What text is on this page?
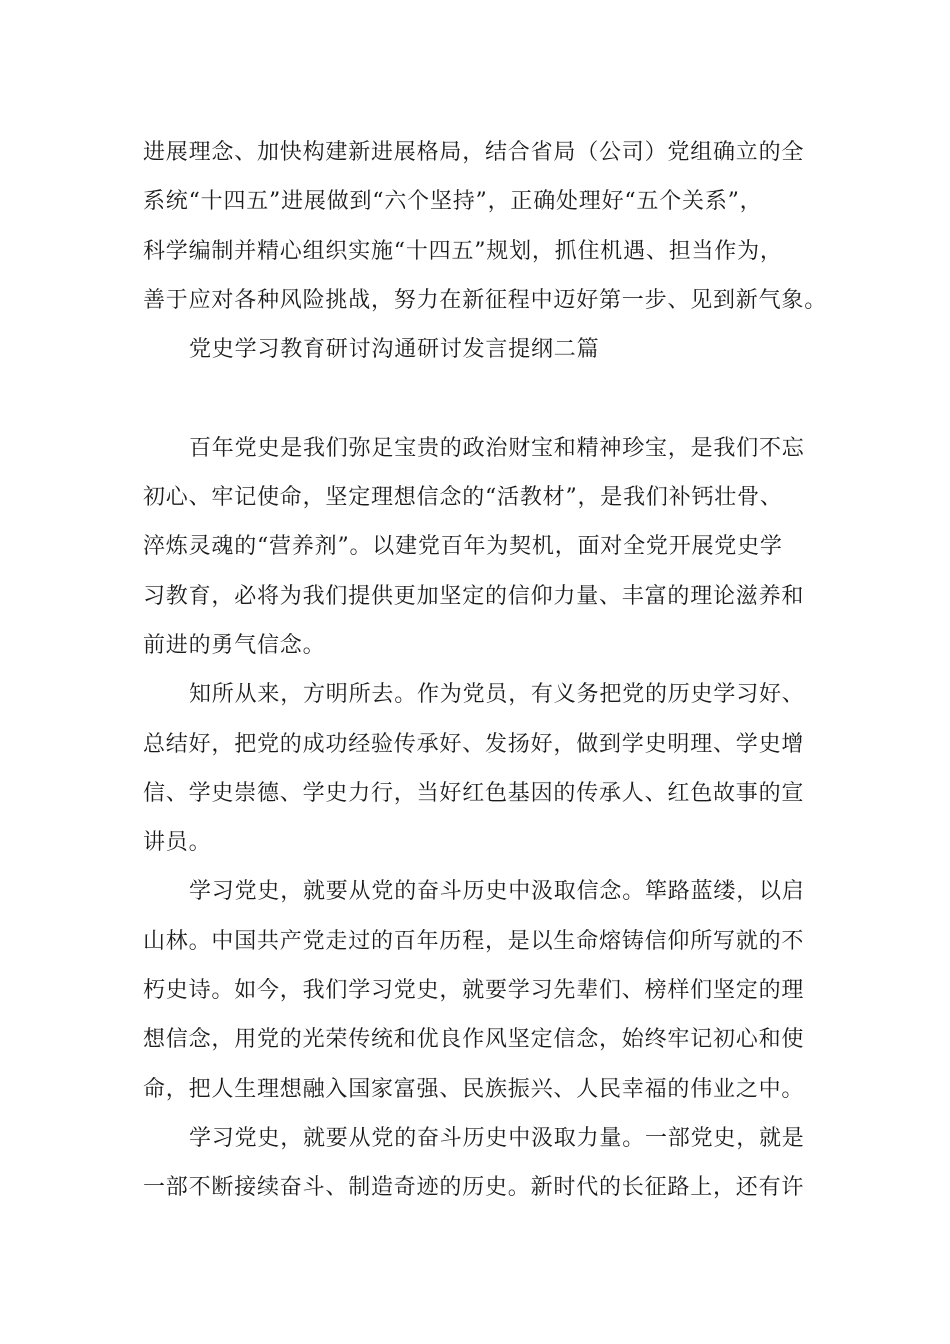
进展理念、加快构建新进展格局，结合省局（公司）党组确立的全
系统“十四五”进展做到“六个坚持”，正确处理好“五个关系”，
科学编制并精心组织实施“十四五”规划，抓住机遇、担当作为，
善于应对各种风险挑战，努力在新征程中迈好第一步、见到新气象。
党史学习教育研讨沟通研讨发言提纲二篇
百年党史是我们弥足宝贵的政治财宝和精神珍宝，是我们不忘
初心、牢记使命，坚定理想信念的“活教材”，是我们补钙壮骨、
淬炼灵魂的“营养剂”。以建党百年为契机，面对全党开展党史学
习教育，必将为我们提供更加坚定的信仰力量、丰富的理论滋养和
前进的勇气信念。
知所从来，方明所去。作为党员，有义务把党的历史学习好、
总结好，把党的成功经验传承好、发扬好，做到学史明理、学史增
信、学史崇德、学史力行，当好红色基因的传承人、红色故事的宣
讲员。
学习党史，就要从党的奋斗历史中汲取信念。筚路蓝缕，以启
山林。中国共产党走过的百年历程，是以生命熔铸信仰所写就的不
朽史诗。如今，我们学习党史，就要学习先辈们、榜样们坚定的理
想信念，用党的光荣传统和优良作风坚定信念，始终牢记初心和使
命，把人生理想融入国家富强、民族振兴、人民幸福的伟业之中。
学习党史，就要从党的奋斗历史中汲取力量。一部党史，就是
一部不断接续奋斗、制造奇迹的历史。新时代的长征路上，还有许
